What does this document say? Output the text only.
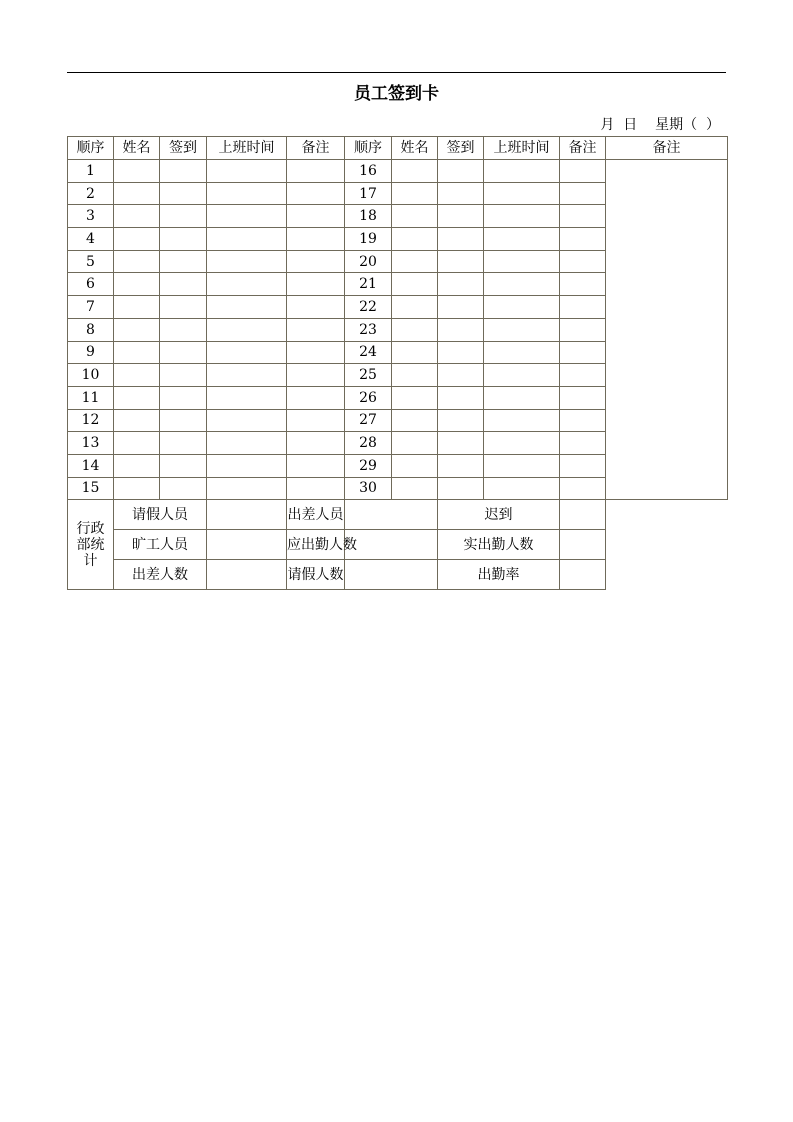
员工签到卡
月 日 星期（  ）
顺序	姓名	签到	上班时间	备注	顺序	姓名	签到	上班时间	备注	备注
1					16					
2					17					
3					18					
4					19					
5					20					
6					21					
7					22					
8					23					
9					24					
10					25					
11					26					
12					27					
13					28					
14					29					
15					30					

行政
部统
计	请假人员			出差人员			迟到			
	旷工人员			应出勤人数			实出勤人数			
	出差人数			请假人数			出勤率			
